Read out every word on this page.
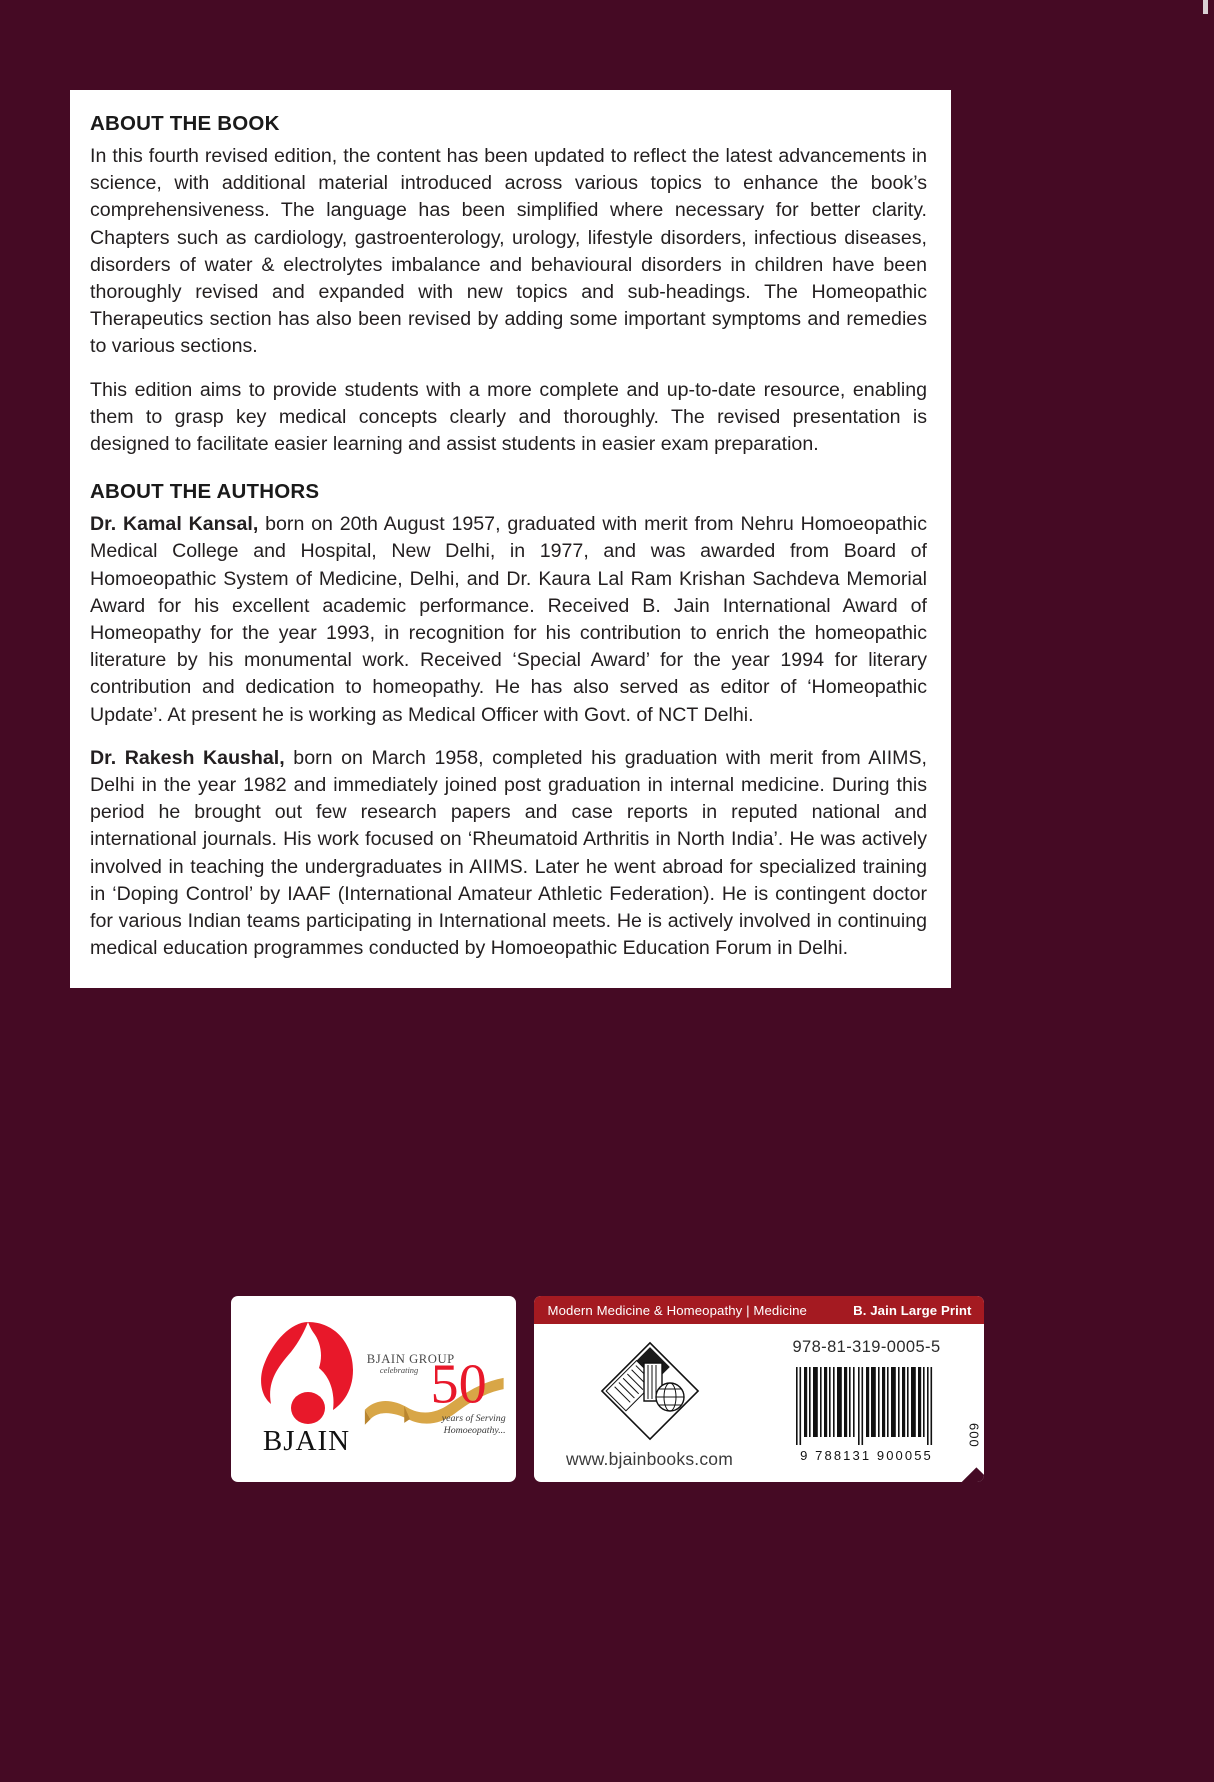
ABOUT THE BOOK

In this fourth revised edition, the content has been updated to reflect the latest advancements in science, with additional material introduced across various topics to enhance the book’s comprehensiveness. The language has been simplified where necessary for better clarity. Chapters such as cardiology, gastroenterology, urology, lifestyle disorders, infectious diseases, disorders of water & electrolytes imbalance and behavioural disorders in children have been thoroughly revised and expanded with new topics and sub-headings. The Homeopathic Therapeutics section has also been revised by adding some important symptoms and remedies to various sections.

This edition aims to provide students with a more complete and up-to-date resource, enabling them to grasp key medical concepts clearly and thoroughly. The revised presentation is designed to facilitate easier learning and assist students in easier exam preparation.

ABOUT THE AUTHORS

Dr. Kamal Kansal, born on 20th August 1957, graduated with merit from Nehru Homoeopathic Medical College and Hospital, New Delhi, in 1977, and was awarded from Board of Homoeopathic System of Medicine, Delhi, and Dr. Kaura Lal Ram Krishan Sachdeva Memorial Award for his excellent academic performance. Received B. Jain International Award of Homeopathy for the year 1993, in recognition for his contribution to enrich the homeopathic literature by his monumental work. Received ‘Special Award’ for the year 1994 for literary contribution and dedication to homeopathy. He has also served as editor of ‘Homeopathic Update’. At present he is working as Medical Officer with Govt. of NCT Delhi.

Dr. Rakesh Kaushal, born on March 1958, completed his graduation with merit from AIIMS, Delhi in the year 1982 and immediately joined post graduation in internal medicine. During this period he brought out few research papers and case reports in reputed national and international journals. His work focused on ‘Rheumatoid Arthritis in North India’. He was actively involved in teaching the undergraduates in AIIMS. Later he went abroad for specialized training in ‘Doping Control’ by IAAF (International Amateur Athletic Federation). He is contingent doctor for various Indian teams participating in International meets. He is actively involved in continuing medical education programmes conducted by Homoeopathic Education Forum in Delhi.

BJAIN
50
BJAIN GROUP
celebrating
years of Serving
Homoeopathy...
Modern Medicine & Homeopathy | Medicine	B. Jain Large Print
www.bjainbooks.com
978-81-319-0005-5
9 788131 900055
600
